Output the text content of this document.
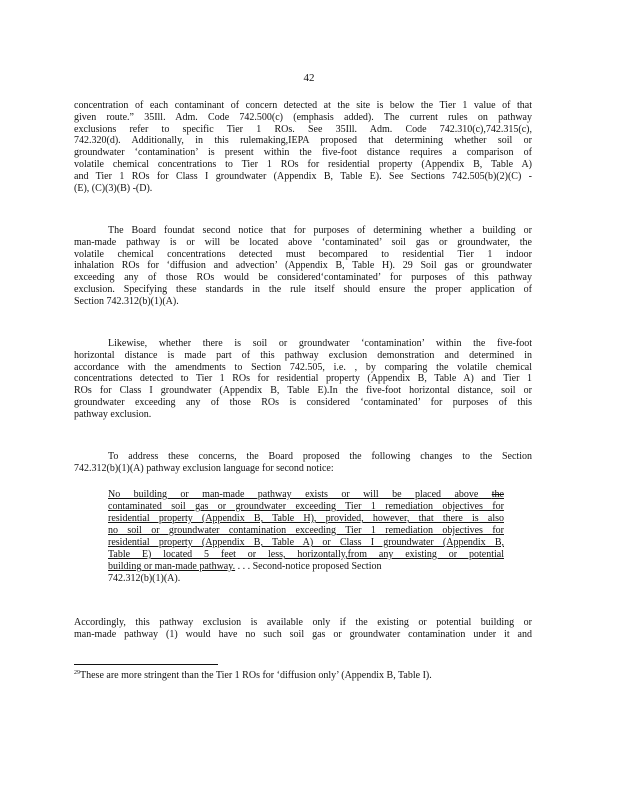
42
concentration of each contaminant of concern detected at the site is below the Tier 1 value of that
given route.” 35Ill. Adm. Code 742.500(c) (emphasis added). The current rules on pathway
exclusions refer to specific Tier 1 ROs. See 35Ill. Adm. Code 742.310(c),742.315(c),
742.320(d). Additionally, in this rulemaking,IEPA proposed that determining whether soil or
groundwater ‘contamination’ is present within the five-foot distance requires a comparison of
volatile chemical concentrations to Tier 1 ROs for residential property (Appendix B, Table A)
and Tier 1 ROs for Class I groundwater (Appendix B, Table E). See Sections 742.505(b)(2)(C) -
(E), (C)(3)(B) -(D).
The Board foundat second notice that for purposes of determining whether a building or
man-made pathway is or will be located above ‘contaminated’ soil gas or groundwater, the
volatile chemical concentrations detected must becompared to residential Tier 1 indoor
inhalation ROs for ‘diffusion and advection’ (Appendix B, Table H). 29 Soil gas or groundwater
exceeding any of those ROs would be considered‘contaminated’ for purposes of this pathway
exclusion. Specifying these standards in the rule itself should ensure the proper application of
Section 742.312(b)(1)(A).
Likewise, whether there is soil or groundwater ‘contamination’ within the five-foot
horizontal distance is made part of this pathway exclusion demonstration and determined in
accordance with the amendments to Section 742.505, i.e. , by comparing the volatile chemical
concentrations detected to Tier 1 ROs for residential property (Appendix B, Table A) and Tier 1
ROs for Class I groundwater (Appendix B, Table E).In the five-foot horizontal distance, soil or
groundwater exceeding any of those ROs is considered ‘contaminated’ for purposes of this
pathway exclusion.
To address these concerns, the Board proposed the following changes to the Section
742.312(b)(1)(A) pathway exclusion language for second notice:
No building or man-made pathway exists or will be placed above the
contaminated soil gas or groundwater exceeding Tier 1 remediation objectives for
residential property (Appendix B, Table H), provided, however, that there is also
no soil or groundwater contamination exceeding Tier 1 remediation objectives for
residential property (Appendix B, Table A) or Class I groundwater (Appendix B,
Table E) located 5 feet or less, horizontally,from any existing or potential
building or man-made pathway. . . . Second-notice proposed Section
742.312(b)(1)(A).
Accordingly, this pathway exclusion is available only if the existing or potential building or
man-made pathway (1) would have no such soil gas or groundwater contamination under it and
$^{29}$These are more stringent than the Tier 1 ROs for ‘diffusion only’ (Appendix B, Table I).
